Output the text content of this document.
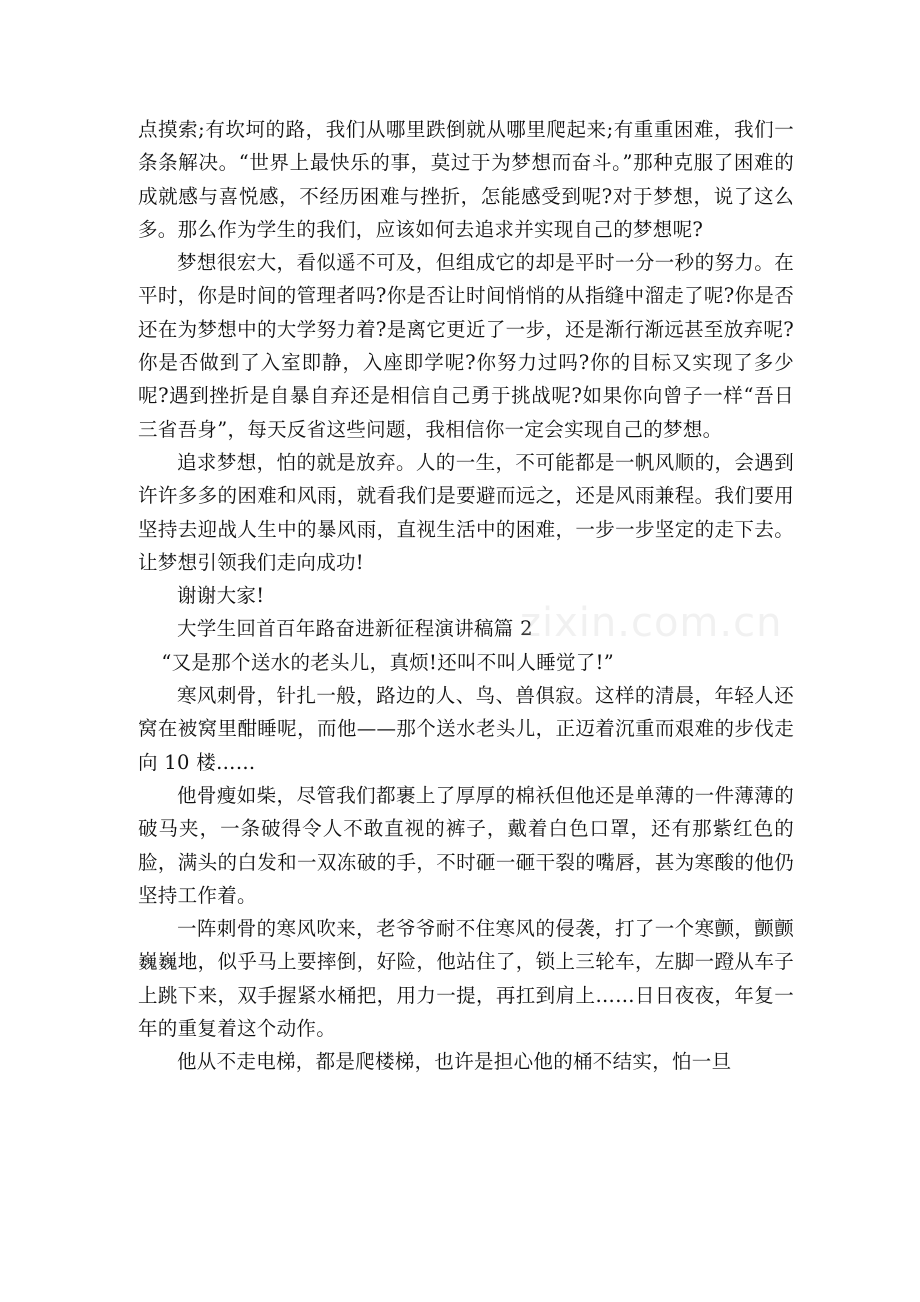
点摸索;有坎坷的路，我们从哪里跌倒就从哪里爬起来;有重重困难，我们一条条解决。“世界上最快乐的事，莫过于为梦想而奋斗。”那种克服了困难的成就感与喜悦感，不经历困难与挫折，怎能感受到呢?对于梦想，说了这么多。那么作为学生的我们，应该如何去追求并实现自己的梦想呢?

梦想很宏大，看似遥不可及，但组成它的却是平时一分一秒的努力。在平时，你是时间的管理者吗?你是否让时间悄悄的从指缝中溜走了呢?你是否还在为梦想中的大学努力着?是离它更近了一步，还是渐行渐远甚至放弃呢?你是否做到了入室即静，入座即学呢?你努力过吗?你的目标又实现了多少呢?遇到挫折是自暴自弃还是相信自己勇于挑战呢?如果你向曾子一样“吾日三省吾身”，每天反省这些问题，我相信你一定会实现自己的梦想。

追求梦想，怕的就是放弃。人的一生，不可能都是一帆风顺的，会遇到许许多多的困难和风雨，就看我们是要避而远之，还是风雨兼程。我们要用坚持去迎战人生中的暴风雨，直视生活中的困难，一步一步坚定的走下去。让梦想引领我们走向成功!

谢谢大家!

大学生回首百年路奋进新征程演讲稿篇 2

“又是那个送水的老头儿，真烦!还叫不叫人睡觉了!”

寒风刺骨，针扎一般，路边的人、鸟、兽俱寂。这样的清晨，年轻人还窝在被窝里酣睡呢，而他——那个送水老头儿，正迈着沉重而艰难的步伐走向 10 楼……

他骨瘦如柴，尽管我们都裹上了厚厚的棉袄但他还是单薄的一件薄薄的破马夹，一条破得令人不敢直视的裤子，戴着白色口罩，还有那紫红色的脸，满头的白发和一双冻破的手，不时砸一砸干裂的嘴唇，甚为寒酸的他仍坚持工作着。

一阵刺骨的寒风吹来，老爷爷耐不住寒风的侵袭，打了一个寒颤，颤颤巍巍地，似乎马上要摔倒，好险，他站住了，锁上三轮车，左脚一蹬从车子上跳下来，双手握紧水桶把，用力一提，再扛到肩上……日日夜夜，年复一年的重复着这个动作。

他从不走电梯，都是爬楼梯，也许是担心他的桶不结实，怕一旦

zixin.com.cn
